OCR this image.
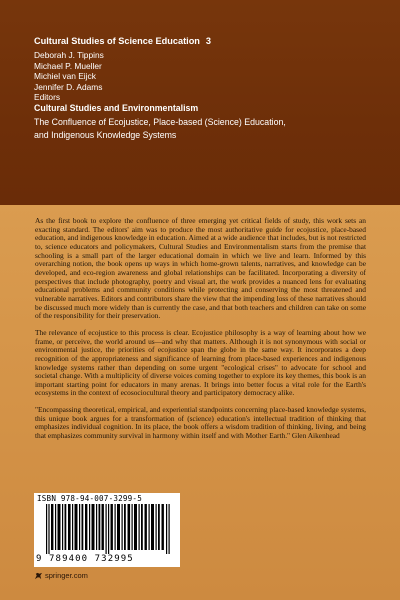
Cultural Studies of Science Education 3
Deborah J. Tippins
Michael P. Mueller
Michiel van Eijck
Jennifer D. Adams
Editors
Cultural Studies and Environmentalism
The Confluence of Ecojustice, Place-based (Science) Education,
and Indigenous Knowledge Systems

As the first book to explore the confluence of three emerging yet critical fields of study, this work sets an exacting standard. The editors' aim was to produce the most authoritative guide for ecojustice, place-based education, and indigenous knowledge in education. Aimed at a wide audience that includes, but is not restricted to, science educators and policymakers, Cultural Studies and Environmentalism starts from the premise that schooling is a small part of the larger educational domain in which we live and learn. Informed by this overarching notion, the book opens up ways in which home-grown talents, narratives, and knowledge can be developed, and eco-region awareness and global relationships can be facilitated. Incorporating a diversity of perspectives that include photography, poetry and visual art, the work provides a nuanced lens for evaluating educational problems and community conditions while protecting and conserving the most threatened and vulnerable narratives. Editors and contributors share the view that the impending loss of these narratives should be discussed much more widely than is currently the case, and that both teachers and children can take on some of the responsibility for their preservation.

The relevance of ecojustice to this process is clear. Ecojustice philosophy is a way of learning about how we frame, or perceive, the world around us—and why that matters. Although it is not synonymous with social or environmental justice, the priorities of ecojustice span the globe in the same way. It incorporates a deep recognition of the appropriateness and significance of learning from place-based experiences and indigenous knowledge systems rather than depending on some urgent "ecological crises" to advocate for school and societal change. With a multiplicity of diverse voices coming together to explore its key themes, this book is an important starting point for educators in many arenas. It brings into better focus a vital role for the Earth's ecosystems in the context of ecosociocultural theory and participatory democracy alike.

"Encompassing theoretical, empirical, and experiential standpoints concerning place-based knowledge systems, this unique book argues for a transformation of (science) education's intellectual tradition of thinking that emphasizes individual cognition. In its place, the book offers a wisdom tradition of thinking, living, and being that emphasizes community survival in harmony within itself and with Mother Earth." Glen Aikenhead

ISBN 978-94-007-3299-5
9 789400 732995
springer.com
